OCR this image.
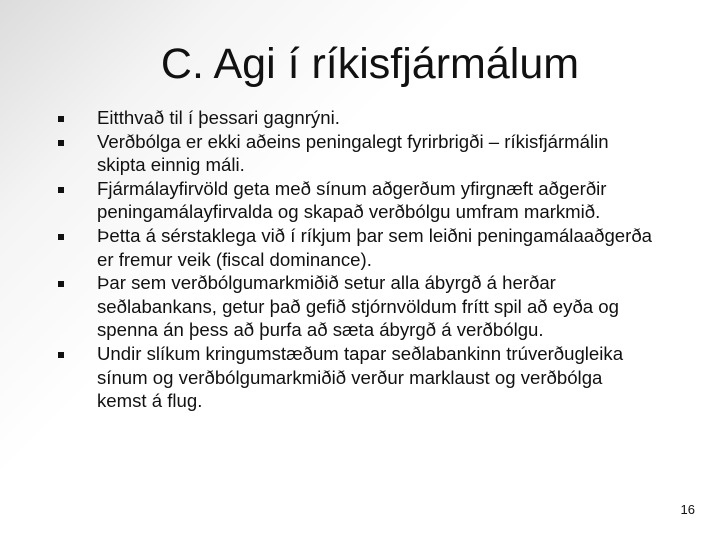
C. Agi í ríkisfjármálum
Eitthvað til í þessari gagnrýni.
Verðbólga er ekki aðeins peningalegt fyrirbrigði – ríkisfjármálin skipta einnig máli.
Fjármálayfirvöld geta með sínum aðgerðum yfirgnæft aðgerðir peningamálayfirvalda og skapað verðbólgu umfram markmið.
Þetta á sérstaklega við í ríkjum þar sem leiðni peningamálaaðgerða er fremur veik (fiscal dominance).
Þar sem verðbólgumarkmiðið setur alla ábyrgð á herðar seðlabankans, getur það gefið stjórnvöldum frítt spil að eyða og spenna án þess að þurfa að sæta ábyrgð á verðbólgu.
Undir slíkum kringumstæðum tapar seðlabankinn trúverðugleika sínum og verðbólgumarkmiðið verður marklaust og verðbólga kemst á flug.
16
